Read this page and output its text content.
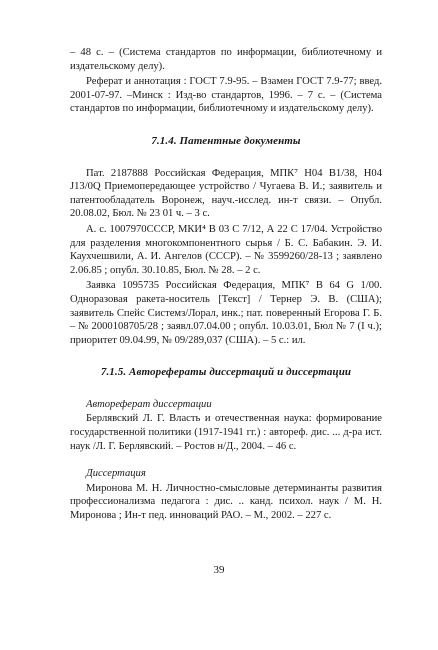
– 48 с. – (Система стандартов по информации, библиотечному и издательскому делу).

Реферат и аннотация : ГОСТ 7.9-95. – Взамен ГОСТ 7.9-77; введ. 2001-07-97. –Минск : Изд-во стандартов, 1996. – 7 с. – (Система стандартов по информации, библиотечному и издательскому делу).

7.1.4. Патентные документы

Пат. 2187888 Российская Федерация, МПК⁷ Н04 В1/38, Н04 J13/0Q Приемопередающее устройство / Чугаева В. И.; заявитель и патентообладатель Воронеж, науч.-исслед. ин-т связи. – Опубл. 20.08.02, Бюл. № 23 01 ч. – 3 с.

А. с. 1007970СССР, МКИ⁴ В 03 С 7/12, А 22 С 17/04. Устройство для разделения многокомпонентного сырья / Б. С. Бабакин. Э. И. Каухчешвили, А. И. Ангелов (СССР). – № 3599260/28-13 ; заявлено 2.06.85 ; опубл. 30.10.85, Бюл. № 28. – 2 с.

Заявка 1095735 Российская Федерация, МПК⁷ В 64 G 1/00. Одноразовая ракета-носитель [Текст] / Тернер Э. В. (США); заявитель Спейс Системз/Лорал, инк.; пат. поверенный Егорова Г. Б. – № 2000108705/28 ; заявл.07.04.00 ; опубл. 10.03.01, Бюл № 7 (I ч.); приоритет 09.04.99, № 09/289,037 (США). – 5 с.: ил.

7.1.5. Авторефераты диссертаций и диссертации
Автореферат диссертации

Берлявский Л. Г. Власть и отечественная наука: формирование государственной политики (1917-1941 гг.) : автореф. дис. ... д-ра ист. наук /Л. Г. Берлявский. – Ростов н/Д., 2004. – 46 с.

Диссертация

Миронова М. Н. Личностно-смысловые детерминанты развития профессионализма педагога : дис. .. канд. психол. наук / М. Н. Миронова ; Ин-т пед. инноваций РАО. – М., 2002. – 227 с.

39
